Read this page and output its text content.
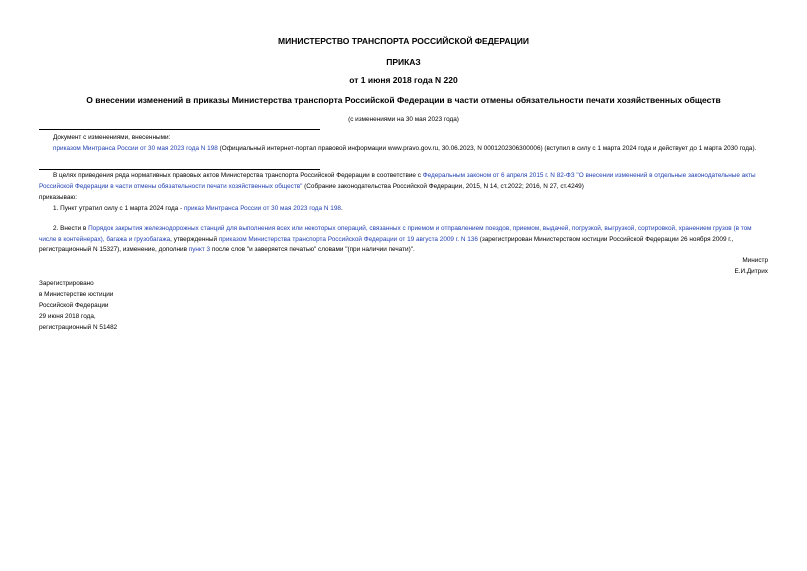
МИНИСТЕРСТВО ТРАНСПОРТА РОССИЙСКОЙ ФЕДЕРАЦИИ
ПРИКАЗ
от 1 июня 2018 года N 220
О внесении изменений в приказы Министерства транспорта Российской Федерации в части отмены обязательности печати хозяйственных обществ
(с изменениями на 30 мая 2023 года)
Документ с изменениями, внесенными:
приказом Минтранса России от 30 мая 2023 года N 198 (Официальный интернет-портал правовой информации www.pravo.gov.ru, 30.06.2023, N 0001202306300006) (вступил в силу с 1 марта 2024 года и действует до 1 марта 2030 года).
В целях приведения ряда нормативных правовых актов Министерства транспорта Российской Федерации в соответствие с Федеральным законом от 6 апреля 2015 г. N 82-ФЗ "О внесении изменений в отдельные законодательные акты Российской Федерации в части отмены обязательности печати хозяйственных обществ" (Собрание законодательства Российской Федерации, 2015, N 14, ст.2022; 2016, N 27, ст.4249)
приказываю:
1. Пункт утратил силу с 1 марта 2024 года - приказ Минтранса России от 30 мая 2023 года N 198.
2. Внести в Порядок закрытия железнодорожных станций для выполнения всех или некоторых операций, связанных с приемом и отправлением поездов, приемом, выдачей, погрузкой, выгрузкой, сортировкой, хранением грузов (в том числе в контейнерах), багажа и грузобагажа, утвержденный приказом Министерства транспорта Российской Федерации от 19 августа 2009 г. N 136 (зарегистрирован Министерством юстиции Российской Федерации 26 ноября 2009 г., регистрационный N 15327), изменение, дополнив пункт 3 после слов "и заверяется печатью" словами "(при наличии печати)".
Министр
Е.И.Дитрих
Зарегистрировано
в Министерстве юстиции
Российской Федерации
29 июня 2018 года,
регистрационный N 51482
